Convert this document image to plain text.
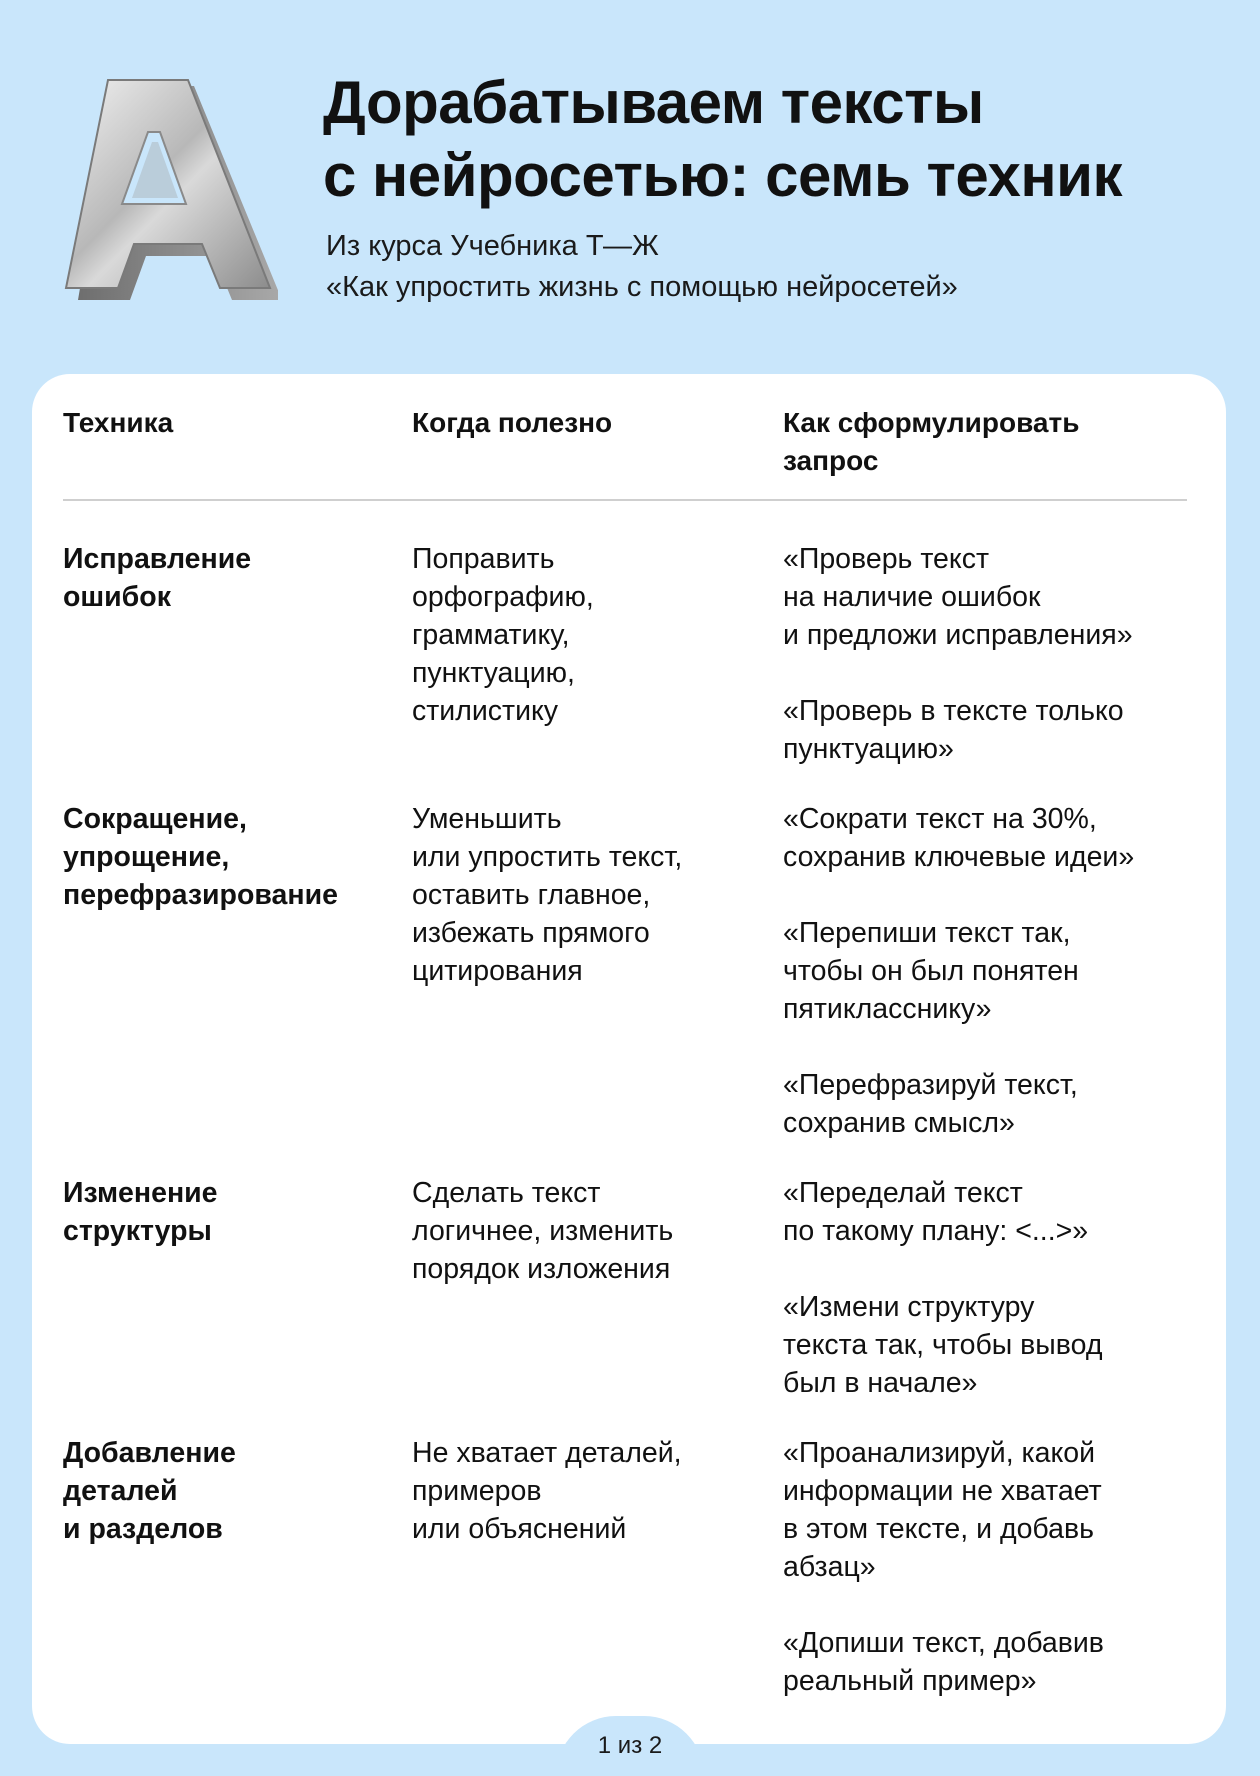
Дорабатываем тексты
с нейросетью: семь техник
Из курса Учебника Т—Ж
«Как упростить жизнь с помощью нейросетей»
Техника	Когда полезно	Как сформулировать
запрос
Исправление
ошибок
Поправить
орфографию,
грамматику,
пунктуацию,
стилистику
«Проверь текст
на наличие ошибок
и предложи исправления»
«Проверь в тексте только
пунктуацию»
Сокращение,
упрощение,
перефразирование
Уменьшить
или упростить текст,
оставить главное,
избежать прямого
цитирования
«Сократи текст на 30%,
сохранив ключевые идеи»
«Перепиши текст так,
чтобы он был понятен
пятикласснику»
«Перефразируй текст,
сохранив смысл»
Изменение
структуры
Сделать текст
логичнее, изменить
порядок изложения
«Переделай текст
по такому плану: <...>»
«Измени структуру
текста так, чтобы вывод
был в начале»
Добавление
деталей
и разделов
Не хватает деталей,
примеров
или объяснений
«Проанализируй, какой
информации не хватает
в этом тексте, и добавь
абзац»
«Допиши текст, добавив
реальный пример»
1 из 2
